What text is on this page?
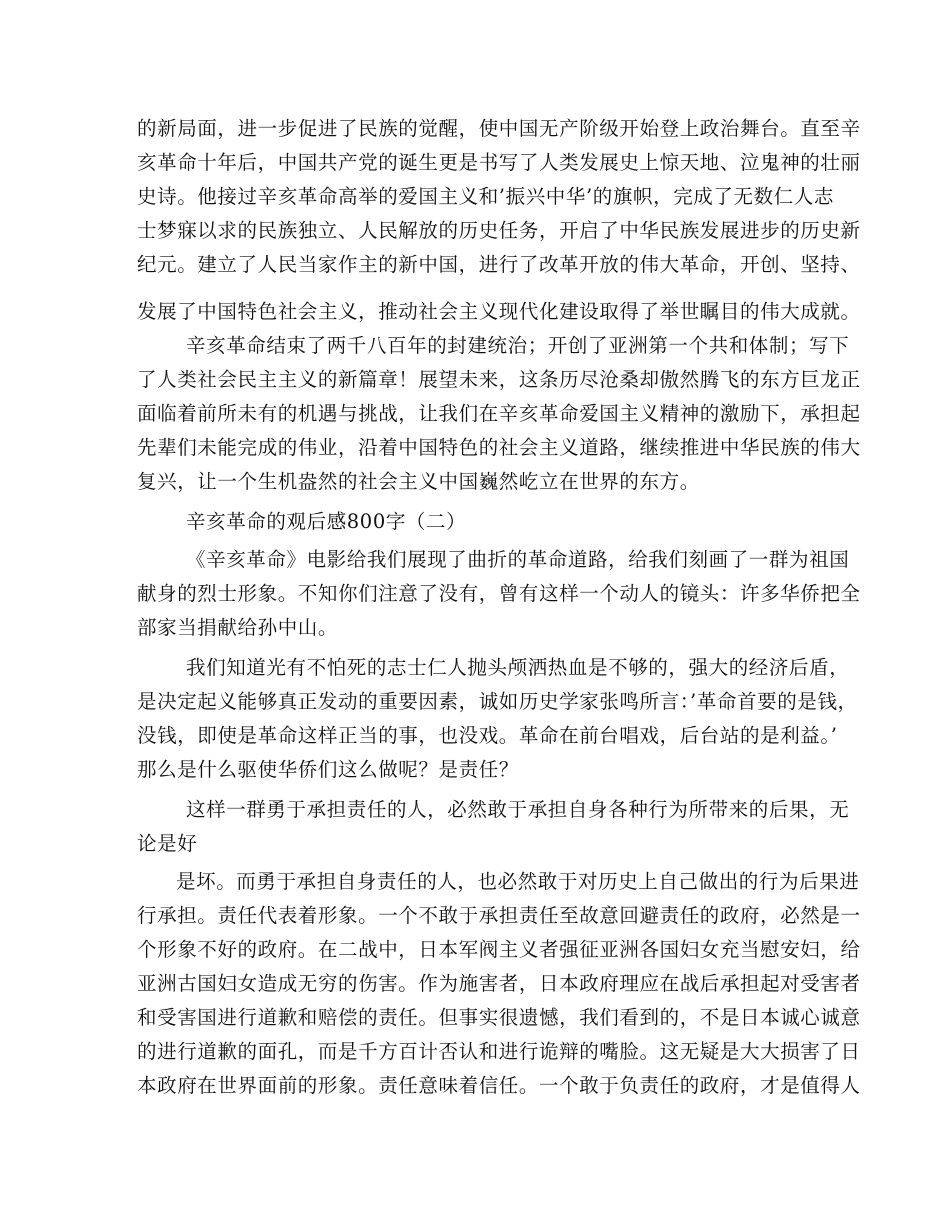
的新局面，进一步促进了民族的觉醒，使中国无产阶级开始登上政治舞台。直至辛
亥革命十年后，中国共产党的诞生更是书写了人类发展史上惊天地、泣鬼神的壮丽
史诗。他接过辛亥革命高举的爱国主义和’振兴中华’的旗帜，完成了无数仁人志
士梦寐以求的民族独立、人民解放的历史任务，开启了中华民族发展进步的历史新
纪元。建立了人民当家作主的新中国，进行了改革开放的伟大革命，开创、坚持、
发展了中国特色社会主义，推动社会主义现代化建设取得了举世瞩目的伟大成就。
辛亥革命结束了两千八百年的封建统治；开创了亚洲第一个共和体制；写下
了人类社会民主主义的新篇章！展望未来，这条历尽沧桑却傲然腾飞的东方巨龙正
面临着前所未有的机遇与挑战，让我们在辛亥革命爱国主义精神的激励下，承担起
先辈们未能完成的伟业，沿着中国特色的社会主义道路，继续推进中华民族的伟大
复兴，让一个生机盎然的社会主义中国巍然屹立在世界的东方。
辛亥革命的观后感800字（二）
《辛亥革命》电影给我们展现了曲折的革命道路，给我们刻画了一群为祖国
献身的烈士形象。不知你们注意了没有，曾有这样一个动人的镜头：许多华侨把全
部家当捐献给孙中山。
我们知道光有不怕死的志士仁人抛头颅洒热血是不够的，强大的经济后盾，
是决定起义能够真正发动的重要因素，诚如历史学家张鸣所言：’革命首要的是钱，
没钱，即使是革命这样正当的事，也没戏。革命在前台唱戏，后台站的是利益。’
那么是什么驱使华侨们这么做呢？是责任？
这样一群勇于承担责任的人，必然敢于承担自身各种行为所带来的后果，无
论是好
是坏。而勇于承担自身责任的人，也必然敢于对历史上自己做出的行为后果进
行承担。责任代表着形象。一个不敢于承担责任至故意回避责任的政府，必然是一
个形象不好的政府。在二战中，日本军阀主义者强征亚洲各国妇女充当慰安妇，给
亚洲古国妇女造成无穷的伤害。作为施害者，日本政府理应在战后承担起对受害者
和受害国进行道歉和赔偿的责任。但事实很遗憾，我们看到的，不是日本诚心诚意
的进行道歉的面孔，而是千方百计否认和进行诡辩的嘴脸。这无疑是大大损害了日
本政府在世界面前的形象。责任意味着信任。一个敢于负责任的政府，才是值得人
